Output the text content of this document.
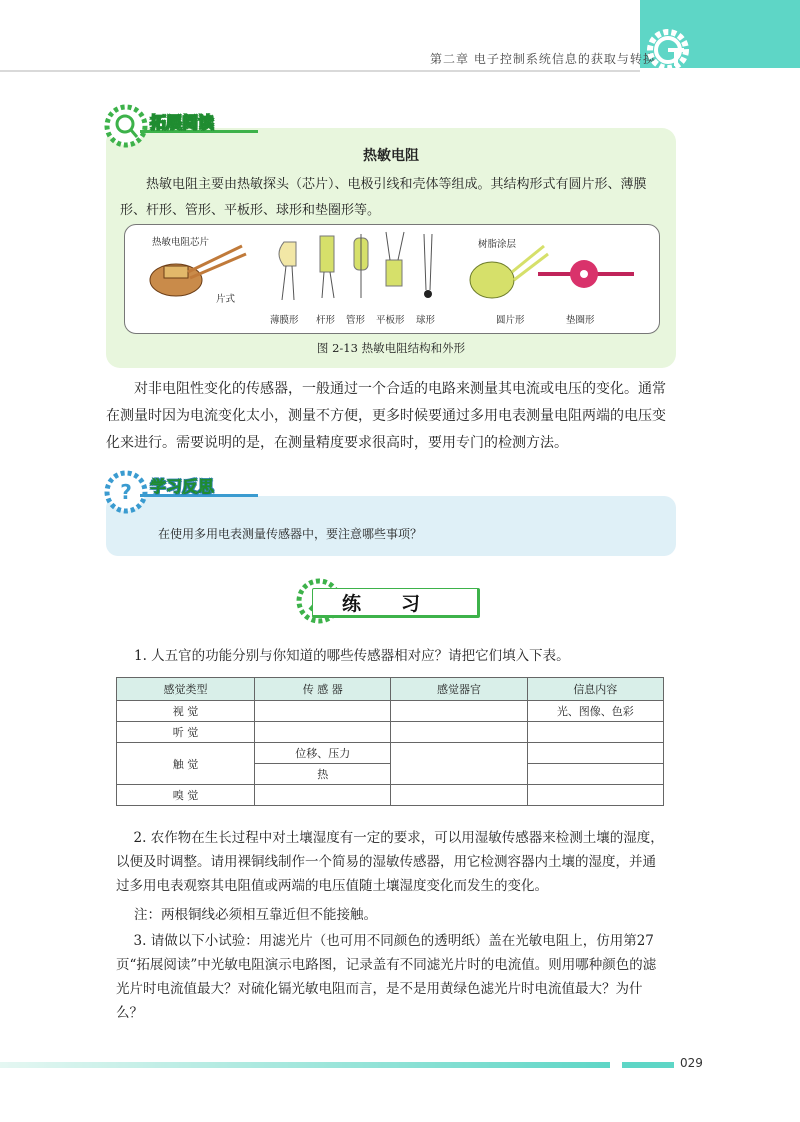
第二章 电子控制系统信息的获取与转换
拓展阅读
热敏电阻
热敏电阻主要由热敏探头（芯片）、电极引线和壳体等组成。其结构形式有圆片形、薄膜形、杆形、管形、平板形、球形和垫圈形等。
热敏电阻芯片
片式
薄膜形 杆形 管形 平板形 球形
树脂涂层
圆片形	垫圈形
图 2-13 热敏电阻结构和外形
对非电阻性变化的传感器，一般通过一个合适的电路来测量其电流或电压的变化。通常在测量时因为电流变化太小，测量不方便，更多时候要通过多用电表测量电阻两端的电压变化来进行。需要说明的是，在测量精度要求很高时，要用专门的检测方法。
? 学习反思
在使用多用电表测量传感器中，要注意哪些事项？
练习
1. 人五官的功能分别与你知道的哪些传感器相对应？请把它们填入下表。
感觉类型	传 感 器	感觉器官	信息内容
视 觉			光、图像、色彩
听 觉			
触 觉	位移、压力		
	热		
嗅 觉			
2. 农作物在生长过程中对土壤湿度有一定的要求，可以用湿敏传感器来检测土壤的湿度，以便及时调整。请用裸铜线制作一个简易的湿敏传感器，用它检测容器内土壤的湿度，并通过多用电表观察其电阻值或两端的电压值随土壤湿度变化而发生的变化。
注：两根铜线必须相互靠近但不能接触。
3. 请做以下小试验：用滤光片（也可用不同颜色的透明纸）盖在光敏电阻上，仿用第27页“拓展阅读”中光敏电阻演示电路图，记录盖有不同滤光片时的电流值。则用哪种颜色的滤光片时电流值最大？对硫化镉光敏电阻而言，是不是用黄绿色滤光片时电流值最大？为什么？
029
